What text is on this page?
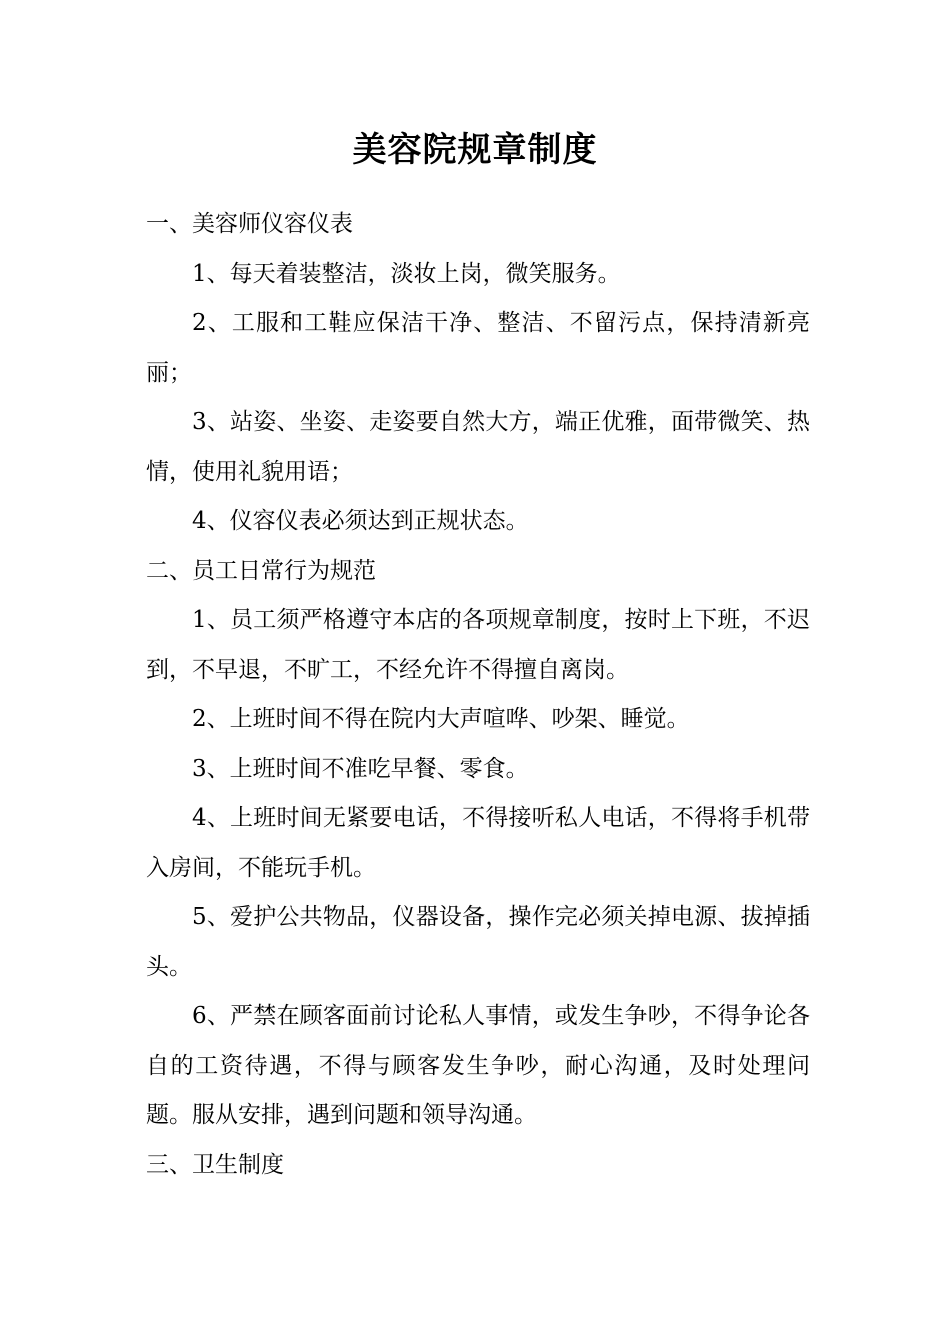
美容院规章制度

一、美容师仪容仪表

1、每天着装整洁，淡妆上岗，微笑服务。

2、工服和工鞋应保洁干净、整洁、不留污点，保持清新亮丽；

3、站姿、坐姿、走姿要自然大方，端正优雅，面带微笑、热情，使用礼貌用语；

4、仪容仪表必须达到正规状态。

二、员工日常行为规范

1、员工须严格遵守本店的各项规章制度，按时上下班，不迟到，不早退，不旷工，不经允许不得擅自离岗。

2、上班时间不得在院内大声喧哗、吵架、睡觉。

3、上班时间不准吃早餐、零食。

4、上班时间无紧要电话，不得接听私人电话，不得将手机带入房间，不能玩手机。

5、爱护公共物品，仪器设备，操作完必须关掉电源、拔掉插头。

6、严禁在顾客面前讨论私人事情，或发生争吵，不得争论各自的工资待遇，不得与顾客发生争吵，耐心沟通，及时处理问题。服从安排，遇到问题和领导沟通。

三、卫生制度
